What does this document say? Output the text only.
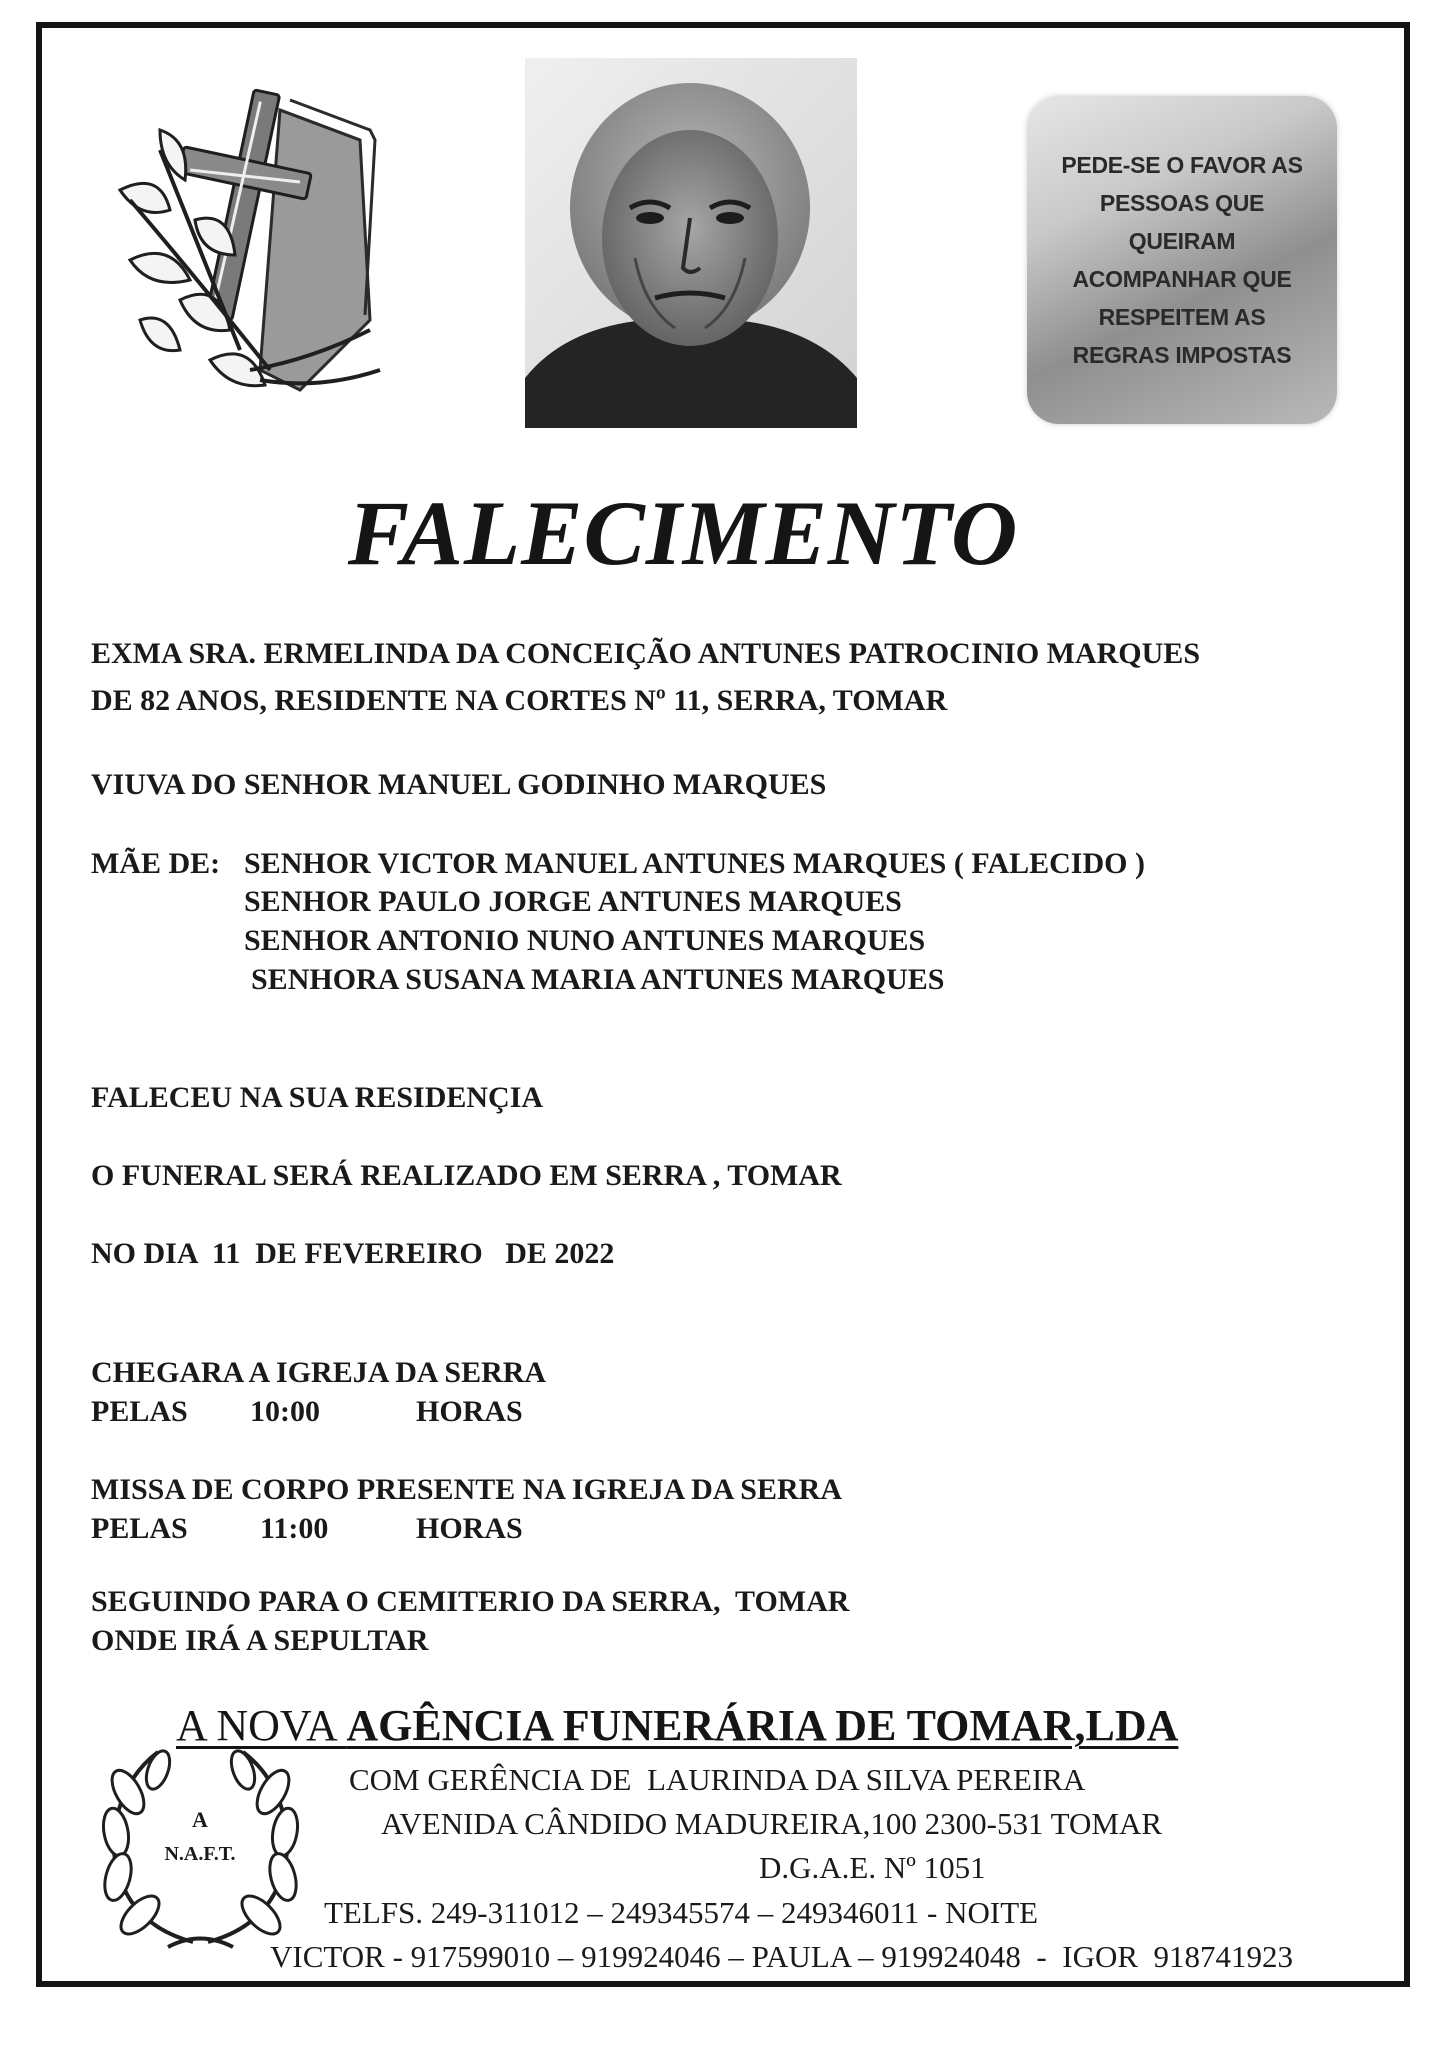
PEDE-SE O FAVOR AS
PESSOAS QUE
QUEIRAM
ACOMPANHAR QUE
RESPEITEM AS
REGRAS IMPOSTAS
FALECIMENTO
EXMA SRA. ERMELINDA DA CONCEIÇÃO ANTUNES PATROCINIO MARQUES
DE 82 ANOS, RESIDENTE NA CORTES Nº 11, SERRA, TOMAR
VIUVA DO SENHOR MANUEL GODINHO MARQUES
MÃE DE: SENHOR VICTOR MANUEL ANTUNES MARQUES ( FALECIDO )
SENHOR PAULO JORGE ANTUNES MARQUES
SENHOR ANTONIO NUNO ANTUNES MARQUES
SENHORA SUSANA MARIA ANTUNES MARQUES
FALECEU NA SUA RESIDENÇIA
O FUNERAL SERÁ REALIZADO EM SERRA , TOMAR
NO DIA  11  DE FEVEREIRO   DE 2022
CHEGARA A IGREJA DA SERRA
PELAS 10:00	HORAS
MISSA DE CORPO PRESENTE NA IGREJA DA SERRA
PELAS 11:00	HORAS
SEGUINDO PARA O CEMITERIO DA SERRA,  TOMAR
ONDE IRÁ A SEPULTAR
A NOVA AGÊNCIA FUNERÁRIA DE TOMAR,LDA
COM GERÊNCIA DE  LAURINDA DA SILVA PEREIRA
AVENIDA CÂNDIDO MADUREIRA,100 2300-531 TOMAR
D.G.A.E. Nº 1051
TELFS. 249-311012 – 249345574 – 249346011 - NOITE
VICTOR - 917599010 – 919924046 – PAULA – 919924048  -  IGOR  918741923
A
N.A.F.T.
